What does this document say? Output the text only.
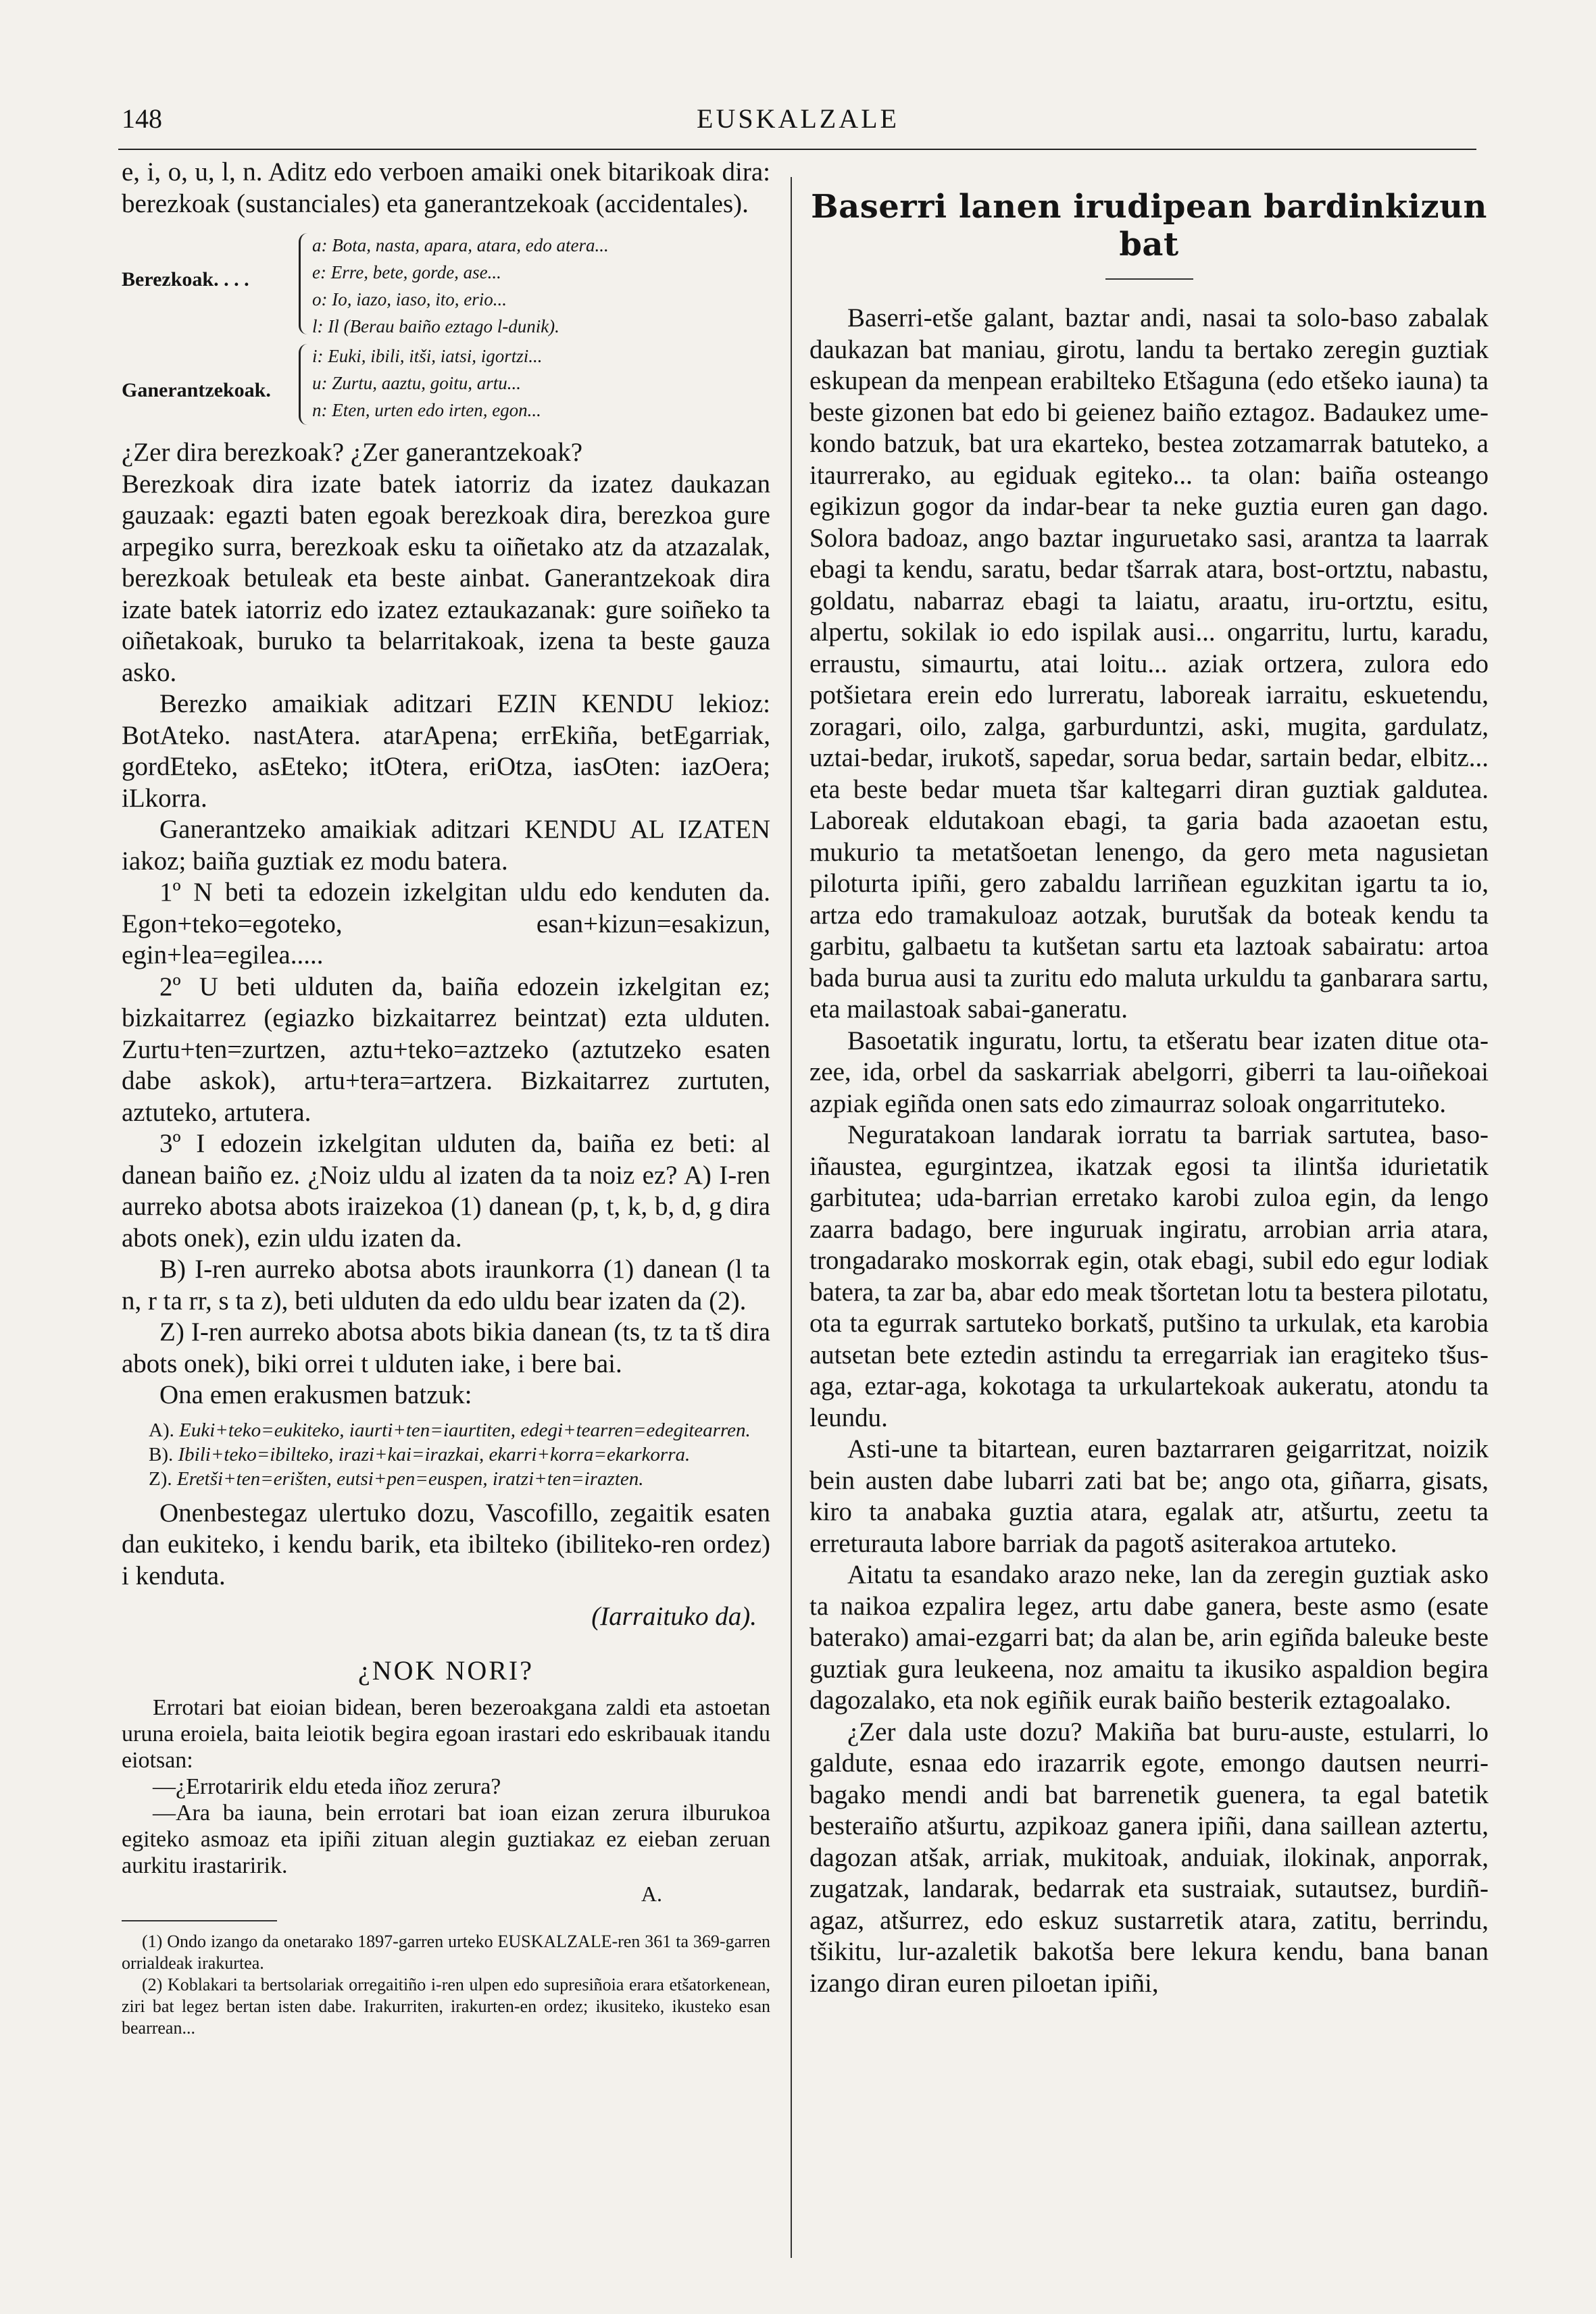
148	EUSKALZALE

e, i, o, u, l, n. Aditz edo verboen amaiki onek bitarikoak dira: berezkoak (sustanciales) eta ganerantzekoak (accidentales).

Berezkoak. . . .
Ganerantzekoak.
a: Bota, nasta, apara, atara, edo atera...
e: Erre, bete, gorde, ase...
o: Io, iazo, iaso, ito, erio...
l: Il (Berau baiño eztago l-dunik).
i: Euki, ibili, itši, iatsi, igortzi...
u: Zurtu, aaztu, goitu, artu...
n: Eten, urten edo irten, egon...

¿Zer dira berezkoak? ¿Zer ganerantzekoak?

Berezkoak dira izate batek iatorriz da izatez daukazan gauzaak: egazti baten egoak berezkoak dira, berezkoa gure arpegiko surra, berezkoak esku ta oiñetako atz da atzazalak, berezkoak betuleak eta beste ainbat. Ganerantzekoak dira izate batek iatorriz edo izatez eztaukazanak: gure soiñeko ta oiñetakoak, buruko ta belarritakoak, izena ta beste gauza asko.

Berezko amaikiak aditzari EZIN KENDU lekioz: BotAteko. nastAtera. atarApena; errEkiña, betEgarriak, gordEteko, asEteko; itOtera, eriOtza, iasOten: iazOera; iLkorra.

Ganerantzeko amaikiak aditzari KENDU AL IZATEN iakoz; baiña guztiak ez modu batera.

1º N beti ta edozein izkelgitan uldu edo kenduten da. Egon+teko=egoteko, esan+kizun=esakizun, egin+lea=egilea.....

2º U beti ulduten da, baiña edozein izkelgitan ez; bizkaitarrez (egiazko bizkaitarrez beintzat) ezta ulduten. Zurtu+ten=zurtzen, aztu+teko=aztzeko (aztutzeko esaten dabe askok), artu+tera=artzera. Bizkaitarrez zurtuten, aztuteko, artutera.

3º I edozein izkelgitan ulduten da, baiña ez beti: al danean baiño ez. ¿Noiz uldu al izaten da ta noiz ez? A) I-ren aurreko abotsa abots iraizekoa (1) danean (p, t, k, b, d, g dira abots onek), ezin uldu izaten da.

B) I-ren aurreko abotsa abots iraunkorra (1) danean (l ta n, r ta rr, s ta z), beti ulduten da edo uldu bear izaten da (2).

Z) I-ren aurreko abotsa abots bikia danean (ts, tz ta tš dira abots onek), biki orrei t ulduten iake, i bere bai.

Ona emen erakusmen batzuk:

A). Euki+teko=eukiteko, iaurti+ten=iaurtiten, edegi+tearren=edegitearren.
B). Ibili+teko=ibilteko, irazi+kai=irazkai, ekarri+korra=ekarkorra.
Z). Eretši+ten=erišten, eutsi+pen=euspen, iratzi+ten=irazten.

Onenbestegaz ulertuko dozu, Vascofillo, zegaitik esaten dan eukiteko, i kendu barik, eta ibilteko (ibiliteko-ren ordez) i kenduta.

(Iarraituko da).
¿NOK NORI?

Errotari bat eioian bidean, beren bezeroakgana zaldi eta astoetan uruna eroiela, baita leiotik begira egoan irastari edo eskribauak itandu eiotsan:

—¿Errotaririk eldu eteda iñoz zerura?

—Ara ba iauna, bein errotari bat ioan eizan zerura ilburukoa egiteko asmoaz eta ipiñi zituan alegin guztiakaz ez eieban zeruan aurkitu irastaririk.

A.

(1) Ondo izango da onetarako 1897-garren urteko EUSKALZALE-ren 361 ta 369-garren orrialdeak irakurtea.

(2) Koblakari ta bertsolariak orregaitiño i-ren ulpen edo supresiñoia erara etšatorkenean, ziri bat legez bertan isten dabe. Irakurriten, irakurten-en ordez; ikusiteko, ikusteko esan bearrean...

Baserri lanen irudipean bardinkizun bat

Baserri-etše galant, baztar andi, nasai ta solo-baso zabalak daukazan bat maniau, girotu, landu ta bertako zeregin guztiak eskupean da menpean erabilteko Etšaguna (edo etšeko iauna) ta beste gizonen bat edo bi geienez baiño eztagoz. Badaukez ume-kondo batzuk, bat ura ekarteko, bestea zotzamarrak batuteko, a itaurrerako, au egiduak egiteko... ta olan: baiña osteango egikizun gogor da indar-bear ta neke guztia euren gan dago. Solora badoaz, ango baztar inguruetako sasi, arantza ta laarrak ebagi ta kendu, saratu, bedar tšarrak atara, bost-ortztu, nabastu, goldatu, nabarraz ebagi ta laiatu, araatu, iru-ortztu, esitu, alpertu, sokilak io edo ispilak ausi... ongarritu, lurtu, karadu, erraustu, simaurtu, atai loitu... aziak ortzera, zulora edo potšietara erein edo lurreratu, laboreak iarraitu, eskuetendu, zoragari, oilo, zalga, garburduntzi, aski, mugita, gardulatz, uztai-bedar, irukotš, sapedar, sorua bedar, sartain bedar, elbitz... eta beste bedar mueta tšar kaltegarri diran guztiak galdutea. Laboreak eldutakoan ebagi, ta garia bada azaoetan estu, mukurio ta metatšoetan lenengo, da gero meta nagusietan piloturta ipiñi, gero zabaldu larriñean eguzkitan igartu ta io, artza edo tramakuloaz aotzak, burutšak da boteak kendu ta garbitu, galbaetu ta kutšetan sartu eta laztoak sabairatu: artoa bada burua ausi ta zuritu edo maluta urkuldu ta ganbarara sartu, eta mailastoak sabai-ganeratu.

Basoetatik inguratu, lortu, ta etšeratu bear izaten ditue ota-zee, ida, orbel da saskarriak abelgorri, giberri ta lau-oiñekoai azpiak egiñda onen sats edo zimaurraz soloak ongarrituteko.

Neguratakoan landarak iorratu ta barriak sartutea, baso-iñaustea, egurgintzea, ikatzak egosi ta ilintša idurietatik garbitutea; uda-barrian erretako karobi zuloa egin, da lengo zaarra badago, bere inguruak ingiratu, arrobian arria atara, trongadarako moskorrak egin, otak ebagi, subil edo egur lodiak batera, ta zar ba, abar edo meak tšortetan lotu ta bestera pilotatu, ota ta egurrak sartuteko borkatš, putšino ta urkulak, eta karobia autsetan bete eztedin astindu ta erregarriak ian eragiteko tšus-aga, eztar-aga, kokotaga ta urkulartekoak aukeratu, atondu ta leundu.

Asti-une ta bitartean, euren baztarraren geigarritzat, noizik bein austen dabe lubarri zati bat be; ango ota, giñarra, gisats, kiro ta anabaka guztia atara, egalak atr, atšurtu, zeetu ta erreturauta labore barriak da pagotš asiterakoa artuteko.

Aitatu ta esandako arazo neke, lan da zeregin guztiak asko ta naikoa ezpalira legez, artu dabe ganera, beste asmo (esate baterako) amai-ezgarri bat; da alan be, arin egiñda baleuke beste guztiak gura leukeena, noz amaitu ta ikusiko aspaldion begira dagozalako, eta nok egiñik eurak baiño besterik eztagoalako.

¿Zer dala uste dozu? Makiña bat buru-auste, estularri, lo galdute, esnaa edo irazarrik egote, emongo dautsen neurri-bagako mendi andi bat barrenetik guenera, ta egal batetik besteraiño atšurtu, azpikoaz ganera ipiñi, dana saillean aztertu, dagozan atšak, arriak, mukitoak, anduiak, ilokinak, anporrak, zugatzak, landarak, bedarrak eta sustraiak, sutautsez, burdiñ-agaz, atšurrez, edo eskuz sustarretik atara, zatitu, berrindu, tšikitu, lur-azaletik bakotša bere lekura kendu, bana banan izango diran euren piloetan ipiñi,
